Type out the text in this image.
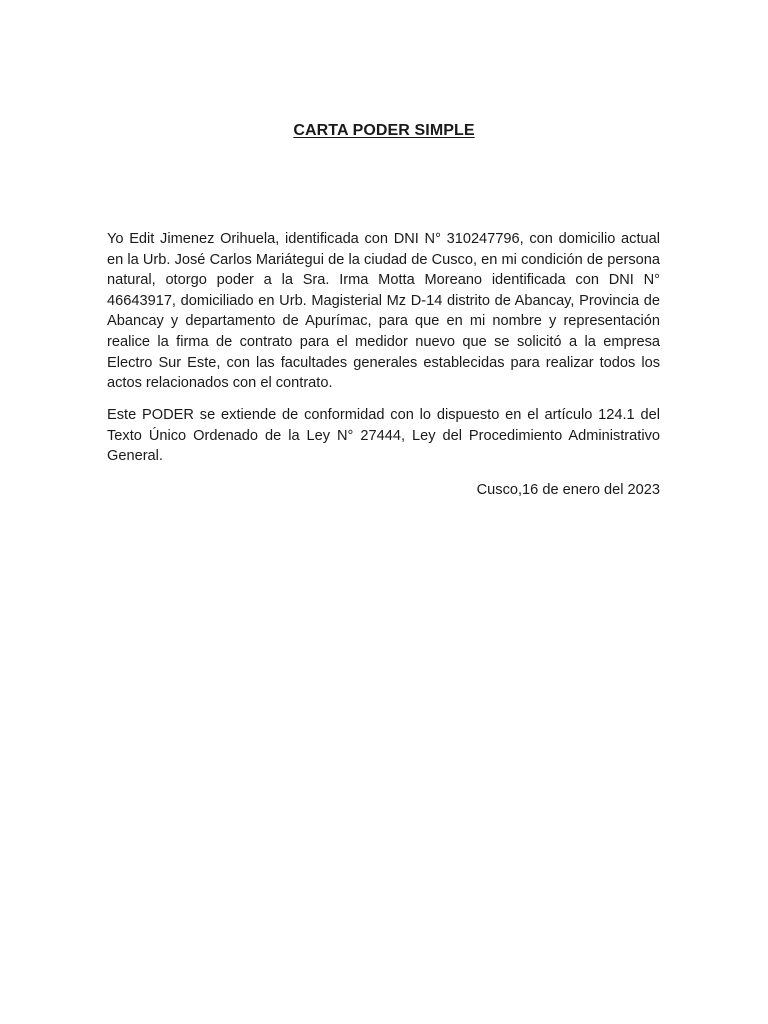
CARTA PODER SIMPLE
Yo Edit Jimenez Orihuela, identificada con DNI N° 310247796, con domicilio actual en la Urb. José Carlos Mariátegui de la ciudad de Cusco, en mi condición de persona natural, otorgo poder a la Sra. Irma Motta Moreano identificada con DNI N° 46643917, domiciliado en Urb. Magisterial Mz D-14 distrito de Abancay, Provincia de Abancay y departamento de Apurímac, para que en mi nombre y representación realice la firma de contrato para el medidor nuevo que se solicitó a la empresa Electro Sur Este, con las facultades generales establecidas para realizar todos los actos relacionados con el contrato.
Este PODER se extiende de conformidad con lo dispuesto en el artículo 124.1 del Texto Único Ordenado de la Ley N° 27444, Ley del Procedimiento Administrativo General.
Cusco,16 de enero del 2023
